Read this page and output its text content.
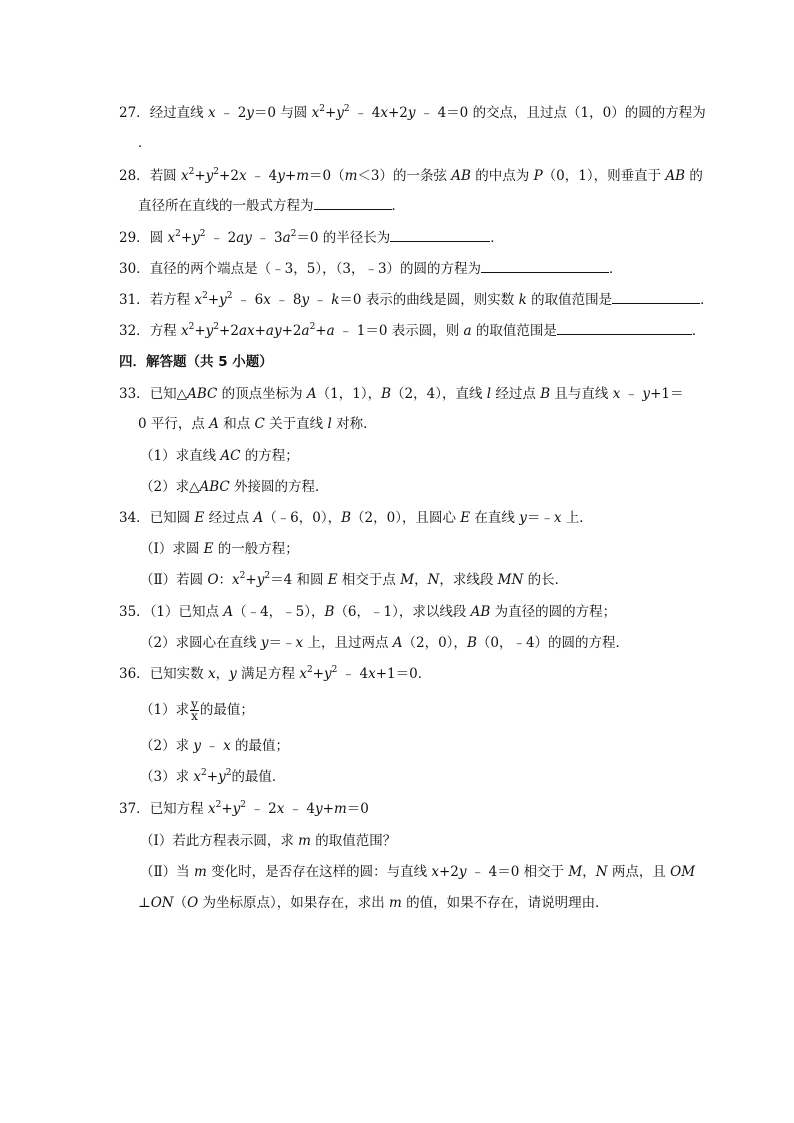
27．经过直线 x ﹣ 2y＝0 与圆 $x^2+y^2$ ﹣ 4x+2y ﹣ 4＝0 的交点，且过点（1，0）的圆的方程为
．
28．若圆 $x^2+y^2+2x$ ﹣ 4y+m＝0（m＜3）的一条弦 AB 的中点为 P（0，1），则垂直于 AB 的
直径所在直线的一般式方程为	．
29．圆 $x^2+y^2$ ﹣ 2ay ﹣ $3a^2=0$ 的半径长为	．
30．直径的两个端点是（﹣3，5），（3，﹣3）的圆的方程为	．
31．若方程 $x^2+y^2$ ﹣ 6x ﹣ 8y ﹣ k＝0 表示的曲线是圆，则实数 k 的取值范围是	．
32．方程 $x^2+y^2+2ax+ay+2a^2+a$ ﹣ 1＝0 表示圆，则 a 的取值范围是	．
四．解答题（共 5 小题）
33．已知△ABC 的顶点坐标为 A（1，1），B（2，4），直线 l 经过点 B 且与直线 x ﹣ y+1＝
0 平行，点 A 和点 C 关于直线 l 对称．
（1）求直线 AC 的方程；
（2）求△ABC 外接圆的方程．
34．已知圆 E 经过点 A（﹣6，0），B（2，0），且圆心 E 在直线 y＝﹣x 上．
（Ⅰ）求圆 E 的一般方程；
（Ⅱ）若圆 O：$x^2+y^2=4$ 和圆 E 相交于点 M，N，求线段 MN 的长．
35．（1）已知点 A（﹣4，﹣5），B（6，﹣1），求以线段 AB 为直径的圆的方程；
（2）求圆心在直线 y＝﹣x 上，且过两点 A（2，0），B（0，﹣4）的圆的方程．
36．已知实数 x，y 满足方程 $x^2+y^2$ ﹣ 4x+1＝0．
（1）求 $\frac{y}{x}$ 的最值；
（2）求 y ﹣ x 的最值；
（3）求 $x^2+y^2$的最值．
37．已知方程 $x^2+y^2$ ﹣ 2x ﹣ 4y+m＝0
（Ⅰ）若此方程表示圆，求 m 的取值范围？
（Ⅱ）当 m 变化时，是否存在这样的圆：与直线 x+2y ﹣ 4＝0 相交于 M，N 两点，且 OM
⊥ON（O 为坐标原点），如果存在，求出 m 的值，如果不存在，请说明理由．
